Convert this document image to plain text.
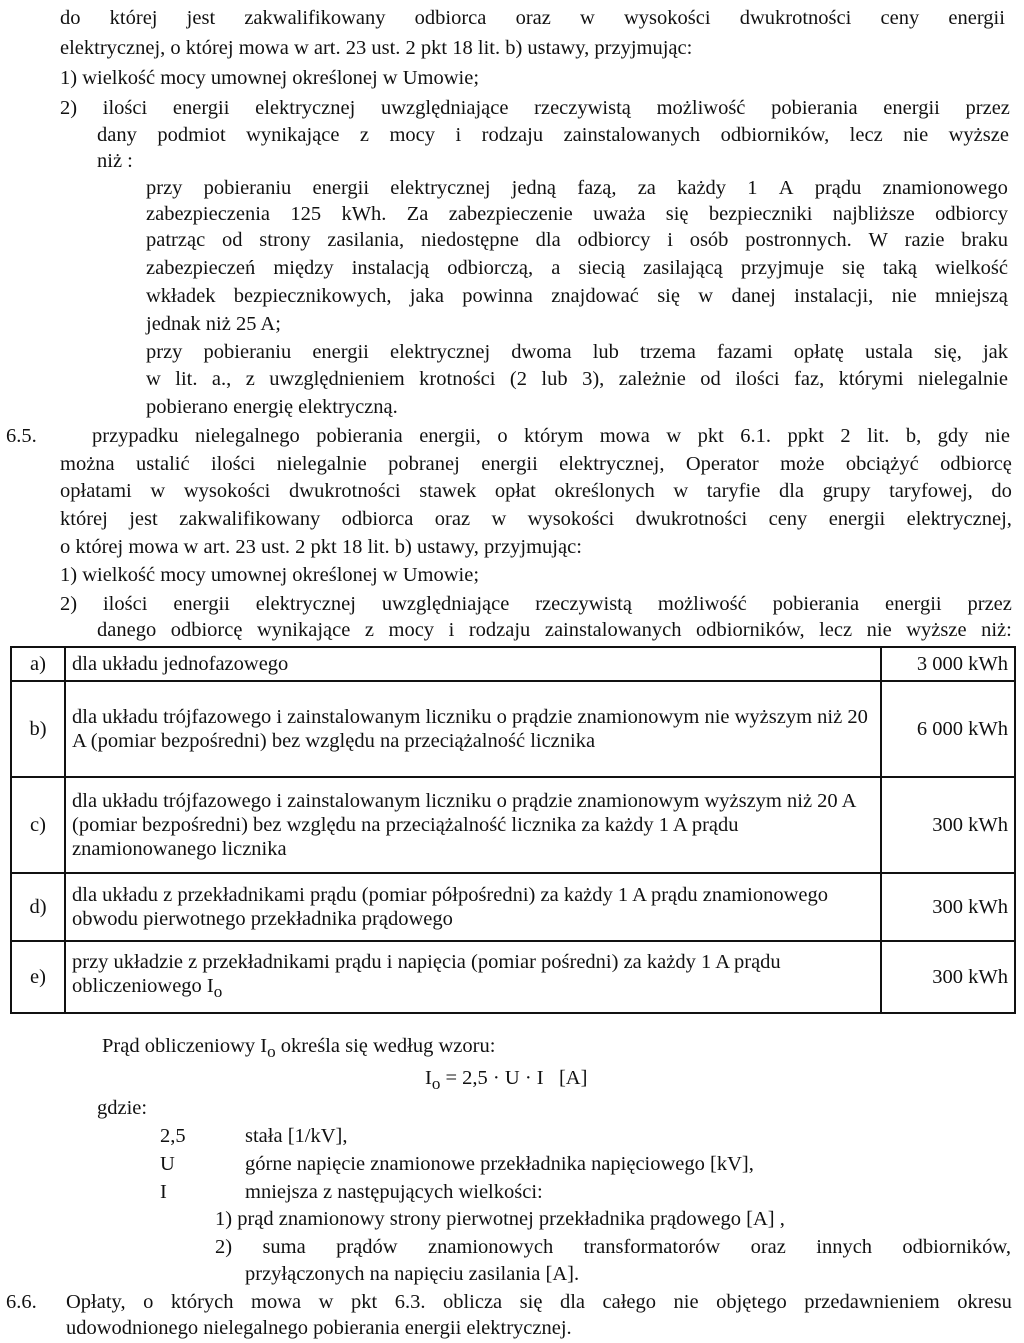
do której jest zakwalifikowany odbiorca oraz w wysokości dwukrotności ceny energii
elektrycznej, o której mowa w art. 23 ust. 2 pkt 18 lit. b) ustawy, przyjmując:
1) wielkość mocy umownej określonej w Umowie;
2) ilości energii elektrycznej uwzględniające rzeczywistą możliwość pobierania energii przez
dany podmiot wynikające z mocy i rodzaju zainstalowanych odbiorników, lecz nie wyższe
niż :
przy pobieraniu energii elektrycznej jedną fazą, za każdy 1 A prądu znamionowego
zabezpieczenia 125 kWh. Za zabezpieczenie uważa się bezpieczniki najbliższe odbiorcy
patrząc od strony zasilania, niedostępne dla odbiorcy i osób postronnych. W razie braku
zabezpieczeń między instalacją odbiorczą, a siecią zasilającą przyjmuje się taką wielkość
wkładek bezpiecznikowych, jaka powinna znajdować się w danej instalacji, nie mniejszą
jednak niż 25 A;
przy pobieraniu energii elektrycznej dwoma lub trzema fazami opłatę ustala się, jak
w lit. a., z uwzględnieniem krotności (2 lub 3), zależnie od ilości faz, którymi nielegalnie
pobierano energię elektryczną.
6.5.	przypadku nielegalnego pobierania energii, o którym mowa w pkt 6.1. ppkt 2 lit. b, gdy nie
można ustalić ilości nielegalnie pobranej energii elektrycznej, Operator może obciążyć odbiorcę
opłatami w wysokości dwukrotności stawek opłat określonych w taryfie dla grupy taryfowej, do
której jest zakwalifikowany odbiorca oraz w wysokości dwukrotności ceny energii elektrycznej,
o której mowa w art. 23 ust. 2 pkt 18 lit. b) ustawy, przyjmując:
1) wielkość mocy umownej określonej w Umowie;
2) ilości energii elektrycznej uwzględniające rzeczywistą możliwość pobierania energii przez
danego odbiorcę wynikające z mocy i rodzaju zainstalowanych odbiorników, lecz nie wyższe niż:
a)	dla układu jednofazowego	3 000 kWh
b)	dla układu trójfazowego i zainstalowanym liczniku o prądzie znamionowym nie wyższym niż 20 A (pomiar bezpośredni) bez względu na przeciążalność licznika	6 000 kWh
c)	dla układu trójfazowego i zainstalowanym liczniku o prądzie znamionowym wyższym niż 20 A (pomiar bezpośredni) bez względu na przeciążalność licznika za każdy 1 A prądu znamionowanego licznika	300 kWh
d)	dla układu z przekładnikami prądu (pomiar półpośredni) za każdy 1 A prądu znamionowego obwodu pierwotnego przekładnika prądowego	300 kWh
e)	przy układzie z przekładnikami prądu i napięcia (pomiar pośredni) za każdy 1 A prądu obliczeniowego $I_o$	300 kWh
Prąd obliczeniowy $I_o$ określa się według wzoru:
$I_o = 2,5 \cdot U \cdot I$   [A]
gdzie:
2,5	stała [1/kV],
U	górne napięcie znamionowe przekładnika napięciowego [kV],
I	mniejsza z następujących wielkości:
1) prąd znamionowy strony pierwotnej przekładnika prądowego [A] ,
2) suma prądów znamionowych transformatorów oraz innych odbiorników,
przyłączonych na napięciu zasilania [A].
6.6. Opłaty, o których mowa w pkt 6.3. oblicza się dla całego nie objętego przedawnieniem okresu
udowodnionego nielegalnego pobierania energii elektrycznej.
